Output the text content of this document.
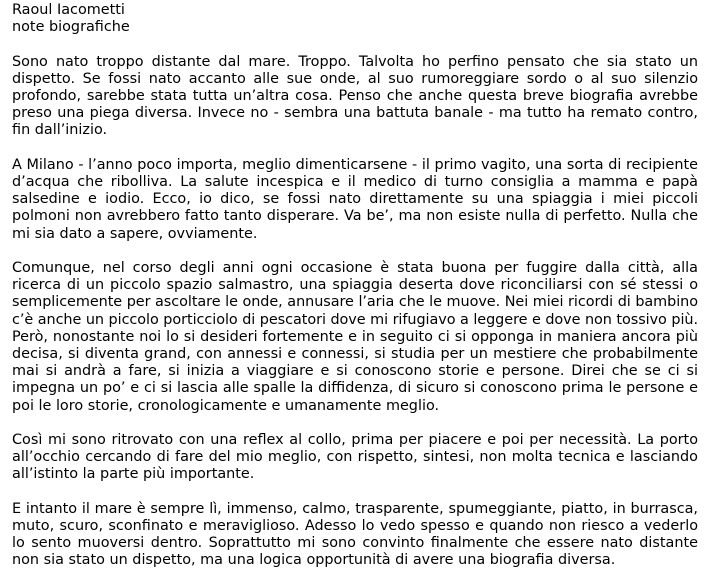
Raoul Iacometti

note biografiche

Sono nato troppo distante dal mare. Troppo. Talvolta ho perfino pensato che sia stato un
dispetto. Se fossi nato accanto alle sue onde, al suo rumoreggiare sordo o al suo silenzio
profondo, sarebbe stata tutta un’altra cosa. Penso che anche questa breve biografia avrebbe
preso una piega diversa. Invece no - sembra una battuta banale - ma tutto ha remato contro,
fin dall’inizio.

A Milano - l’anno poco importa, meglio dimenticarsene - il primo vagito, una sorta di recipiente
d’acqua che ribolliva. La salute incespica e il medico di turno consiglia a mamma e papà
salsedine e iodio. Ecco, io dico, se fossi nato direttamente su una spiaggia i miei piccoli
polmoni non avrebbero fatto tanto disperare. Va be’, ma non esiste nulla di perfetto. Nulla che
mi sia dato a sapere, ovviamente.

Comunque, nel corso degli anni ogni occasione è stata buona per fuggire dalla città, alla
ricerca di un piccolo spazio salmastro, una spiaggia deserta dove riconciliarsi con sé stessi o
semplicemente per ascoltare le onde, annusare l’aria che le muove. Nei miei ricordi di bambino
c’è anche un piccolo porticciolo di pescatori dove mi rifugiavo a leggere e dove non tossivo più.
Però, nonostante noi lo si desideri fortemente e in seguito ci si opponga in maniera ancora più
decisa, si diventa grand, con annessi e connessi, si studia per un mestiere che probabilmente
mai si andrà a fare, si inizia a viaggiare e si conoscono storie e persone. Direi che se ci si
impegna un po’ e ci si lascia alle spalle la diffidenza, di sicuro si conoscono prima le persone e
poi le loro storie, cronologicamente e umanamente meglio.

Così mi sono ritrovato con una reflex al collo, prima per piacere e poi per necessità. La porto
all’occhio cercando di fare del mio meglio, con rispetto, sintesi, non molta tecnica e lasciando
all’istinto la parte più importante.

E intanto il mare è sempre lì, immenso, calmo, trasparente, spumeggiante, piatto, in burrasca,
muto, scuro, sconfinato e meraviglioso. Adesso lo vedo spesso e quando non riesco a vederlo
lo sento muoversi dentro. Soprattutto mi sono convinto finalmente che essere nato distante
non sia stato un dispetto, ma una logica opportunità di avere una biografia diversa.
